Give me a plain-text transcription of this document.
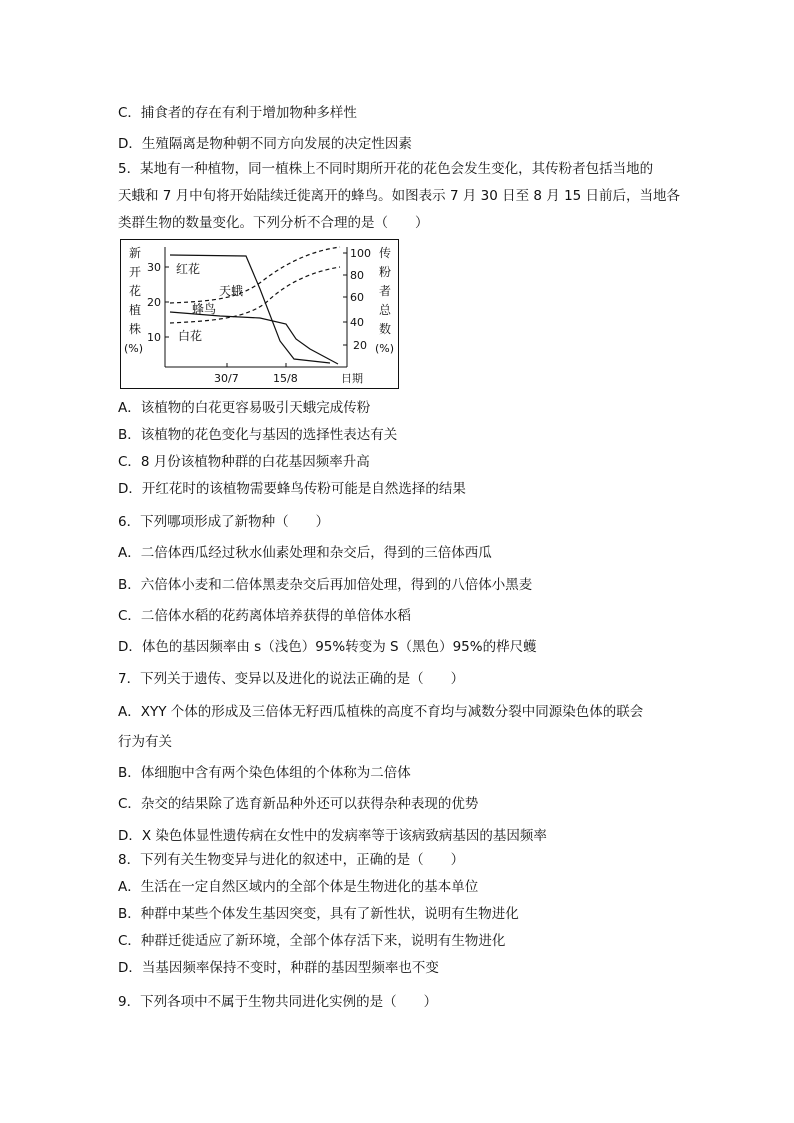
C．捕食者的存在有利于增加物种多样性
D．生殖隔离是物种朝不同方向发展的决定性因素
5．某地有一种植物，同一植株上不同时期所开花的花色会发生变化，其传粉者包括当地的
天蛾和 7 月中旬将开始陆续迁徙离开的蜂鸟。如图表示 7 月 30 日至 8 月 15 日前后，当地各
类群生物的数量变化。下列分析不合理的是（　　）
新
开
花
植
株
(%)
传
粉
者
总
数
(%)
30
20
10
100
80
60
40
20
30/7	15/8	日期
红花
天蛾
蜂鸟
白花
A．该植物的白花更容易吸引天蛾完成传粉
B．该植物的花色变化与基因的选择性表达有关
C．8 月份该植物种群的白花基因频率升高
D．开红花时的该植物需要蜂鸟传粉可能是自然选择的结果
6．下列哪项形成了新物种（　　）
A．二倍体西瓜经过秋水仙素处理和杂交后，得到的三倍体西瓜
B．六倍体小麦和二倍体黑麦杂交后再加倍处理，得到的八倍体小黑麦
C．二倍体水稻的花药离体培养获得的单倍体水稻
D．体色的基因频率由 s（浅色）95%转变为 S（黑色）95%的桦尺蠖
7．下列关于遗传、变异以及进化的说法正确的是（　　）
A．XYY 个体的形成及三倍体无籽西瓜植株的高度不育均与减数分裂中同源染色体的联会
行为有关
B．体细胞中含有两个染色体组的个体称为二倍体
C．杂交的结果除了选育新品种外还可以获得杂种表现的优势
D．X 染色体显性遗传病在女性中的发病率等于该病致病基因的基因频率
8．下列有关生物变异与进化的叙述中，正确的是（　　）
A．生活在一定自然区域内的全部个体是生物进化的基本单位
B．种群中某些个体发生基因突变，具有了新性状，说明有生物进化
C．种群迁徙适应了新环境，全部个体存活下来，说明有生物进化
D．当基因频率保持不变时，种群的基因型频率也不变
9．下列各项中不属于生物共同进化实例的是（　　）
